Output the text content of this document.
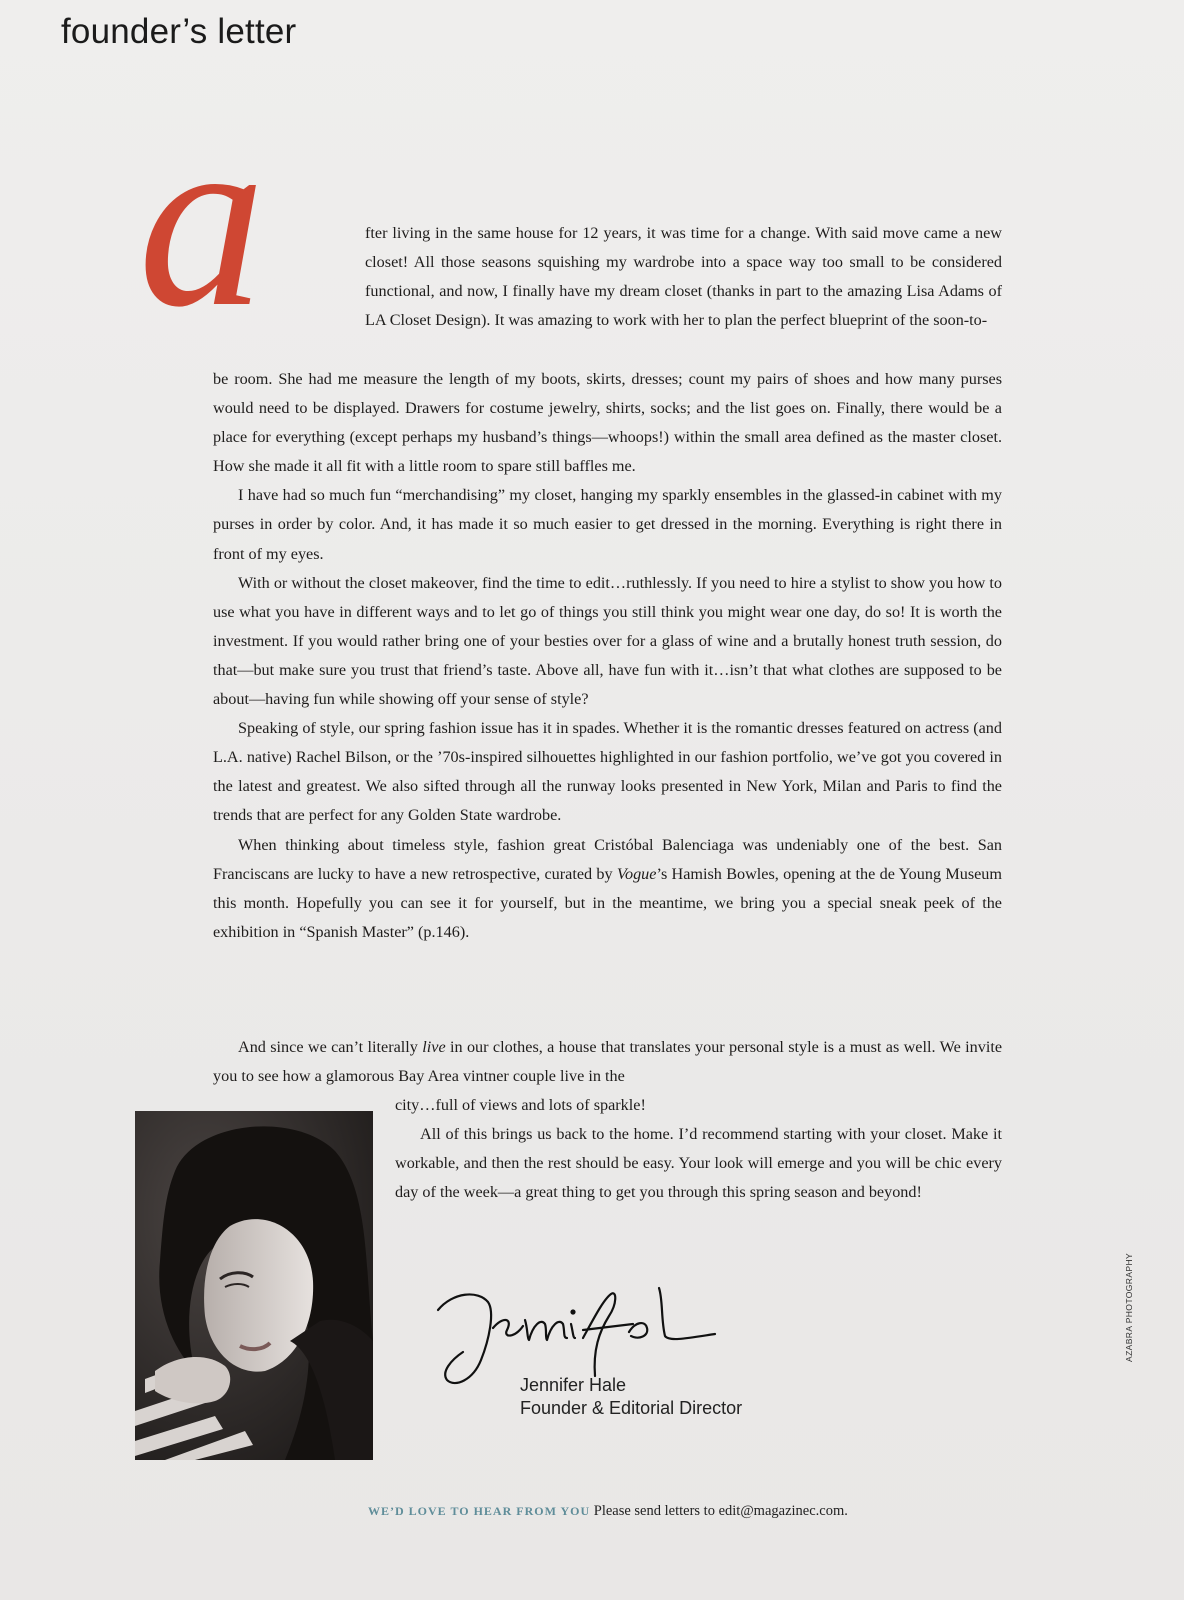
founder’s letter
a	fter living in the same house for 12 years, it was time for a change. With said move came a new closet! All those seasons squishing my wardrobe into a space way too small to be considered functional, and now, I finally have my dream closet (thanks in part to the amazing Lisa Adams of LA Closet Design). It was amazing to work with her to plan the perfect blueprint of the soon-to-

be room. She had me measure the length of my boots, skirts, dresses; count my pairs of shoes and how many purses would need to be displayed. Drawers for costume jewelry, shirts, socks; and the list goes on. Finally, there would be a place for everything (except perhaps my husband’s things—whoops!) within the small area defined as the master closet. How she made it all fit with a little room to spare still baffles me.

I have had so much fun “merchandising” my closet, hanging my sparkly ensembles in the glassed-in cabinet with my purses in order by color. And, it has made it so much easier to get dressed in the morning. Everything is right there in front of my eyes.

With or without the closet makeover, find the time to edit…ruthlessly. If you need to hire a stylist to show you how to use what you have in different ways and to let go of things you still think you might wear one day, do so! It is worth the investment. If you would rather bring one of your besties over for a glass of wine and a brutally honest truth session, do that—but make sure you trust that friend’s taste. Above all, have fun with it…isn’t that what clothes are supposed to be about—having fun while showing off your sense of style?

Speaking of style, our spring fashion issue has it in spades. Whether it is the romantic dresses featured on actress (and L.A. native) Rachel Bilson, or the ’70s-inspired silhouettes highlighted in our fashion portfolio, we’ve got you covered in the latest and greatest. We also sifted through all the runway looks presented in New York, Milan and Paris to find the trends that are perfect for any Golden State wardrobe.

When thinking about timeless style, fashion great Cristóbal Balenciaga was undeniably one of the best. San Franciscans are lucky to have a new retrospective, curated by Vogue’s Hamish Bowles, opening at the de Young Museum this month. Hopefully you can see it for yourself, but in the meantime, we bring you a special sneak peek of the exhibition in “Spanish Master” (p.146).

And since we can’t literally live in our clothes, a house that translates your personal style is a must as well. We invite you to see how a glamorous Bay Area vintner couple live in the

city…full of views and lots of sparkle!

All of this brings us back to the home. I’d recommend starting with your closet. Make it workable, and then the rest should be easy. Your look will emerge and you will be chic every day of the week—a great thing to get you through this spring season and beyond!

Jennifer Hale
Founder & Editorial Director
AZABRA PHOTOGRAPHY
WE’D LOVE TO HEAR FROM YOU Please send letters to edit@magazinec.com.
